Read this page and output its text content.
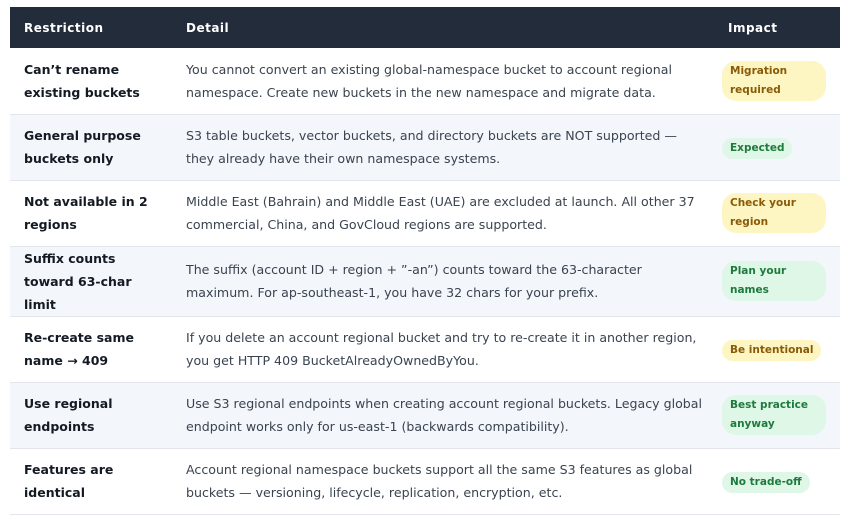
Restriction	Detail	Impact
Can’t rename existing buckets	You cannot convert an existing global-namespace bucket to account regional namespace. Create new buckets in the new namespace and migrate data.	Migration required
General purpose buckets only	S3 table buckets, vector buckets, and directory buckets are NOT supported — they already have their own namespace systems.	Expected
Not available in 2 regions	Middle East (Bahrain) and Middle East (UAE) are excluded at launch. All other 37 commercial, China, and GovCloud regions are supported.	Check your region
Suffix counts toward 63-char limit	The suffix (account ID + region + ”-an”) counts toward the 63-character maximum. For ap-southeast-1, you have 32 chars for your prefix.	Plan your names
Re-create same name → 409	If you delete an account regional bucket and try to re-create it in another region, you get HTTP 409 BucketAlreadyOwnedByYou.	Be intentional
Use regional endpoints	Use S3 regional endpoints when creating account regional buckets. Legacy global endpoint works only for us-east-1 (backwards compatibility).	Best practice anyway
Features are identical	Account regional namespace buckets support all the same S3 features as global buckets — versioning, lifecycle, replication, encryption, etc.	No trade-off
